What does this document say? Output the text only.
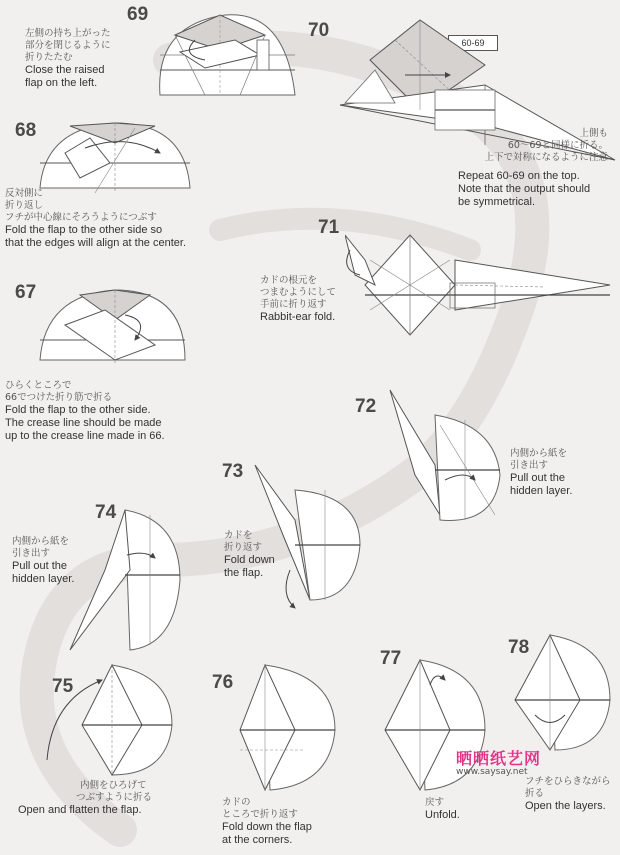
69
左側の持ち上がった
部分を閉じるように
折りたたむ
Close the raised
flap on the left.
70
60-69
上側も
60～69と同様に折る。
上下で対称になるように注意
Repeat 60-69 on the top.
Note that the output should
be symmetrical.
68
反対側に
折り返し
フチが中心線にそろうようにつぶす
Fold the flap to the other side so
that the edges will align at the center.
71
カドの根元を
つまむようにして
手前に折り返す
Rabbit-ear fold.
67
ひらくところで
66でつけた折り筋で折る
Fold the flap to the other side.
The crease line should be made
up to the crease line made in 66.
72
内側から紙を
引き出す
Pull out the
hidden layer.
73
カドを
折り返す
Fold down
the flap.
74
内側から紙を
引き出す
Pull out the
hidden layer.
75
内側をひろげて
つぶすように折る
Open and flatten the flap.
76
カドの
ところで折り返す
Fold down the flap
at the corners.
77
戻す
Unfold.
78
フチをひらきながら
折る
Open the layers.
晒晒纸艺网
www.saysay.net
